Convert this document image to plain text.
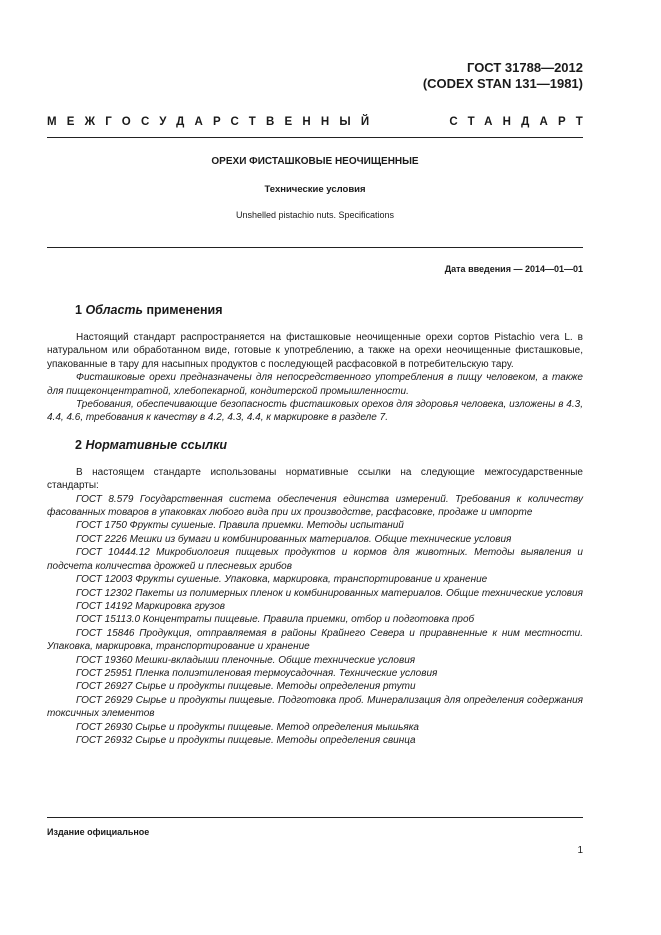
ГОСТ 31788—2012
(CODEX STAN 131—1981)
МЕЖГОСУДАРСТВЕННЫЙ	СТАНДАРТ
ОРЕХИ ФИСТАШКОВЫЕ НЕОЧИЩЕННЫЕ
Технические условия
Unshelled pistachio nuts. Specifications
Дата введения — 2014—01—01
1 Область применения

Настоящий стандарт распространяется на фисташковые неочищенные орехи сортов Pistachio vera L. в натуральном или обработанном виде, готовые к употреблению, а также на орехи неочищенные фисташковые, упакованные в тару для насыпных продуктов с последующей расфасовкой в потребительскую тару.

Фисташковые орехи предназначены для непосредственного употребления в пищу человеком, а также для пищеконцентратной, хлебопекарной, кондитерской промышленности.

Требования, обеспечивающие безопасность фисташковых орехов для здоровья человека, изложены в 4.3, 4.4, 4.6, требования к качеству в 4.2, 4.3, 4.4, к маркировке в разделе 7.

2 Нормативные ссылки

В настоящем стандарте использованы нормативные ссылки на следующие межгосударственные стандарты:

ГОСТ 8.579 Государственная система обеспечения единства измерений. Требования к количеству фасованных товаров в упаковках любого вида при их производстве, расфасовке, продаже и импорте

ГОСТ 1750 Фрукты сушеные. Правила приемки. Методы испытаний

ГОСТ 2226 Мешки из бумаги и комбинированных материалов. Общие технические условия

ГОСТ 10444.12 Микробиология пищевых продуктов и кормов для животных. Методы выявления и подсчета количества дрожжей и плесневых грибов

ГОСТ 12003 Фрукты сушеные. Упаковка, маркировка, транспортирование и хранение

ГОСТ 12302 Пакеты из полимерных пленок и комбинированных материалов. Общие технические условия

ГОСТ 14192 Маркировка грузов

ГОСТ 15113.0 Концентраты пищевые. Правила приемки, отбор и подготовка проб

ГОСТ 15846 Продукция, отправляемая в районы Крайнего Севера и приравненные к ним местности. Упаковка, маркировка, транспортирование и хранение

ГОСТ 19360 Мешки-вкладыши пленочные. Общие технические условия

ГОСТ 25951 Пленка полиэтиленовая термоусадочная. Технические условия

ГОСТ 26927 Сырье и продукты пищевые. Методы определения ртути

ГОСТ 26929 Сырье и продукты пищевые. Подготовка проб. Минерализация для определения содержания токсичных элементов

ГОСТ 26930 Сырье и продукты пищевые. Метод определения мышьяка

ГОСТ 26932 Сырье и продукты пищевые. Методы определения свинца

Издание официальное
1
